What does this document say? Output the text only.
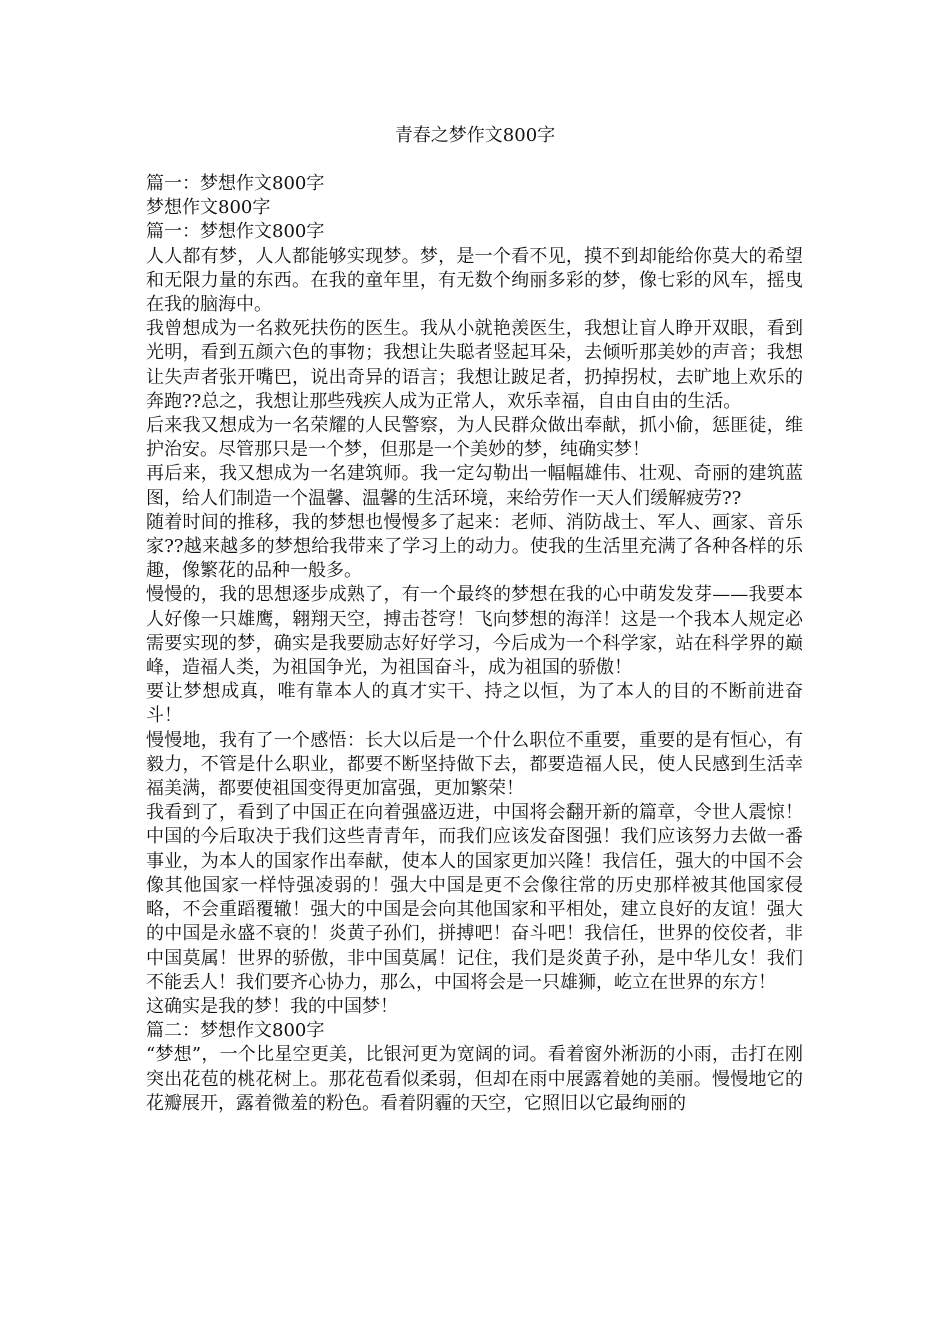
青春之梦作文800字

篇一：梦想作文800字

梦想作文800字

篇一：梦想作文800字

人人都有梦，人人都能够实现梦。梦，是一个看不见，摸不到却能给你莫大的希望和无限力量的东西。在我的童年里，有无数个绚丽多彩的梦，像七彩的风车，摇曳在我的脑海中。

我曾想成为一名救死扶伤的医生。我从小就艳羡医生，我想让盲人睁开双眼，看到光明，看到五颜六色的事物；我想让失聪者竖起耳朵，去倾听那美妙的声音；我想让失声者张开嘴巴，说出奇异的语言；我想让跛足者，扔掉拐杖，去旷地上欢乐的奔跑??总之，我想让那些残疾人成为正常人，欢乐幸福，自由自由的生活。

后来我又想成为一名荣耀的人民警察，为人民群众做出奉献，抓小偷，惩匪徒，维护治安。尽管那只是一个梦，但那是一个美妙的梦，纯确实梦！

再后来，我又想成为一名建筑师。我一定勾勒出一幅幅雄伟、壮观、奇丽的建筑蓝图，给人们制造一个温馨、温馨的生活环境，来给劳作一天人们缓解疲劳??

随着时间的推移，我的梦想也慢慢多了起来：老师、消防战士、军人、画家、音乐家??越来越多的梦想给我带来了学习上的动力。使我的生活里充满了各种各样的乐趣，像繁花的品种一般多。

慢慢的，我的思想逐步成熟了，有一个最终的梦想在我的心中萌发发芽——我要本人好像一只雄鹰，翱翔天空，搏击苍穹！飞向梦想的海洋！这是一个我本人规定必需要实现的梦，确实是我要励志好好学习，今后成为一个科学家，站在科学界的巅峰，造福人类，为祖国争光，为祖国奋斗，成为祖国的骄傲！

要让梦想成真，唯有靠本人的真才实干、持之以恒，为了本人的目的不断前进奋斗！

慢慢地，我有了一个感悟：长大以后是一个什么职位不重要，重要的是有恒心，有毅力，不管是什么职业，都要不断坚持做下去，都要造福人民，使人民感到生活幸福美满，都要使祖国变得更加富强，更加繁荣！

我看到了，看到了中国正在向着强盛迈进，中国将会翻开新的篇章，令世人震惊！中国的今后取决于我们这些青青年，而我们应该发奋图强！我们应该努力去做一番事业，为本人的国家作出奉献，使本人的国家更加兴隆！我信任，强大的中国不会像其他国家一样恃强凌弱的！强大中国是更不会像往常的历史那样被其他国家侵略，不会重蹈覆辙！强大的中国是会向其他国家和平相处，建立良好的友谊！强大的中国是永盛不衰的！炎黄子孙们，拼搏吧！奋斗吧！我信任，世界的佼佼者，非中国莫属！世界的骄傲，非中国莫属！记住，我们是炎黄子孙，是中华儿女！我们不能丢人！我们要齐心协力，那么，中国将会是一只雄狮，屹立在世界的东方！

这确实是我的梦！我的中国梦！

篇二：梦想作文800字

“梦想”，一个比星空更美，比银河更为宽阔的词。看着窗外淅沥的小雨，击打在刚突出花苞的桃花树上。那花苞看似柔弱，但却在雨中展露着她的美丽。慢慢地它的花瓣展开，露着微羞的粉色。看着阴霾的天空，它照旧以它最绚丽的
